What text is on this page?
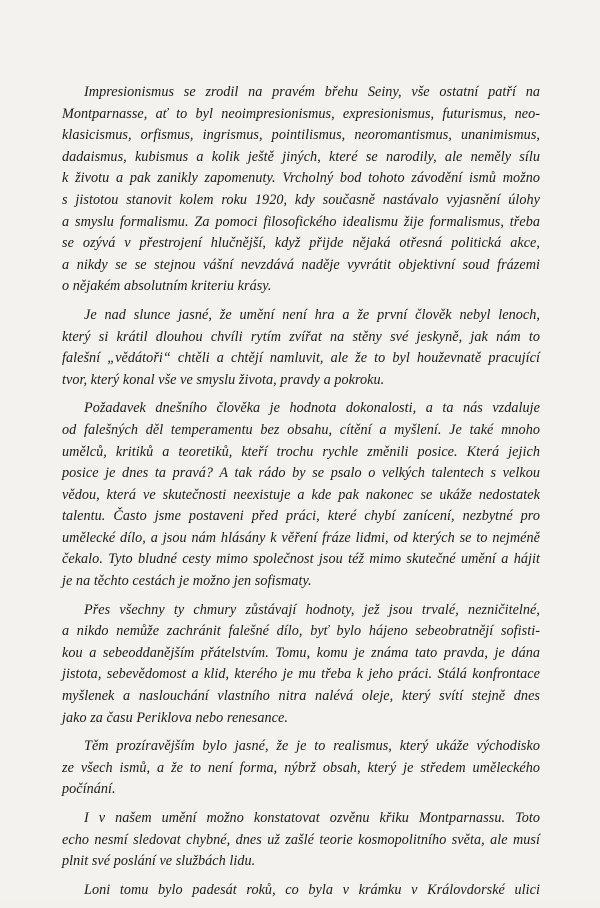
Impresionismus se zrodil na pravém břehu Seiny, vše ostatní patří na
Montparnasse, ať to byl neoimpresionismus, expresionismus, futurismus, neo-
klasicismus, orfismus, ingrismus, pointilismus, neoromantismus, unanimismus,
dadaismus, kubismus a kolik ještě jiných, které se narodily, ale neměly sílu
k životu a pak zanikly zapomenuty. Vrcholný bod tohoto závodění ismů možno
s jistotou stanovit kolem roku 1920, kdy současně nastávalo vyjasnění úlohy
a smyslu formalismu. Za pomoci filosofického idealismu žije formalismus, třeba
se ozývá v přestrojení hlučnější, když přijde nějaká otřesná politická akce,
a nikdy se se stejnou vášní nevzdává naděje vyvrátit objektivní soud frázemi
o nějakém absolutním kriteriu krásy.

Je nad slunce jasné, že umění není hra a že první člověk nebyl lenoch,
který si krátil dlouhou chvíli rytím zvířat na stěny své jeskyně, jak nám to
falešní „vědátoři“ chtěli a chtějí namluvit, ale že to byl houževnatě pracující
tvor, který konal vše ve smyslu života, pravdy a pokroku.

Požadavek dnešního člověka je hodnota dokonalosti, a ta nás vzdaluje
od falešných děl temperamentu bez obsahu, cítění a myšlení. Je také mnoho
umělců, kritiků a teoretiků, kteří trochu rychle změnili posice. Která jejich
posice je dnes ta pravá? A tak rádo by se psalo o velkých talentech s velkou
vědou, která ve skutečnosti neexistuje a kde pak nakonec se ukáže nedostatek
talentu. Často jsme postaveni před práci, které chybí zanícení, nezbytné pro
umělecké dílo, a jsou nám hlásány k věření fráze lidmi, od kterých se to nejméně
čekalo. Tyto bludné cesty mimo společnost jsou též mimo skutečné umění a hájit
je na těchto cestách je možno jen sofismaty.

Přes všechny ty chmury zůstávají hodnoty, jež jsou trvalé, nezničitelné,
a nikdo nemůže zachránit falešné dílo, byť bylo hájeno sebeobratnějí sofisti-
kou a sebeoddanějším přátelstvím. Tomu, komu je známa tato pravda, je dána
jistota, sebevědomost a klid, kterého je mu třeba k jeho práci. Stálá konfrontace
myšlenek a naslouchání vlastního nitra nalévá oleje, který svítí stejně dnes
jako za času Periklova nebo renesance.

Těm prozíravějším bylo jasné, že je to realismus, který ukáže východisko
ze všech ismů, a že to není forma, nýbrž obsah, který je středem uměleckého
počínání.

I v našem umění možno konstatovat ozvěnu křiku Montparnassu. Toto
echo nesmí sledovat chybné, dnes už zašlé teorie kosmopolitního světa, ale musí
plnit své poslání ve službách lidu.

Loni tomu bylo padesát roků, co byla v krámku v Královdorské ulici
